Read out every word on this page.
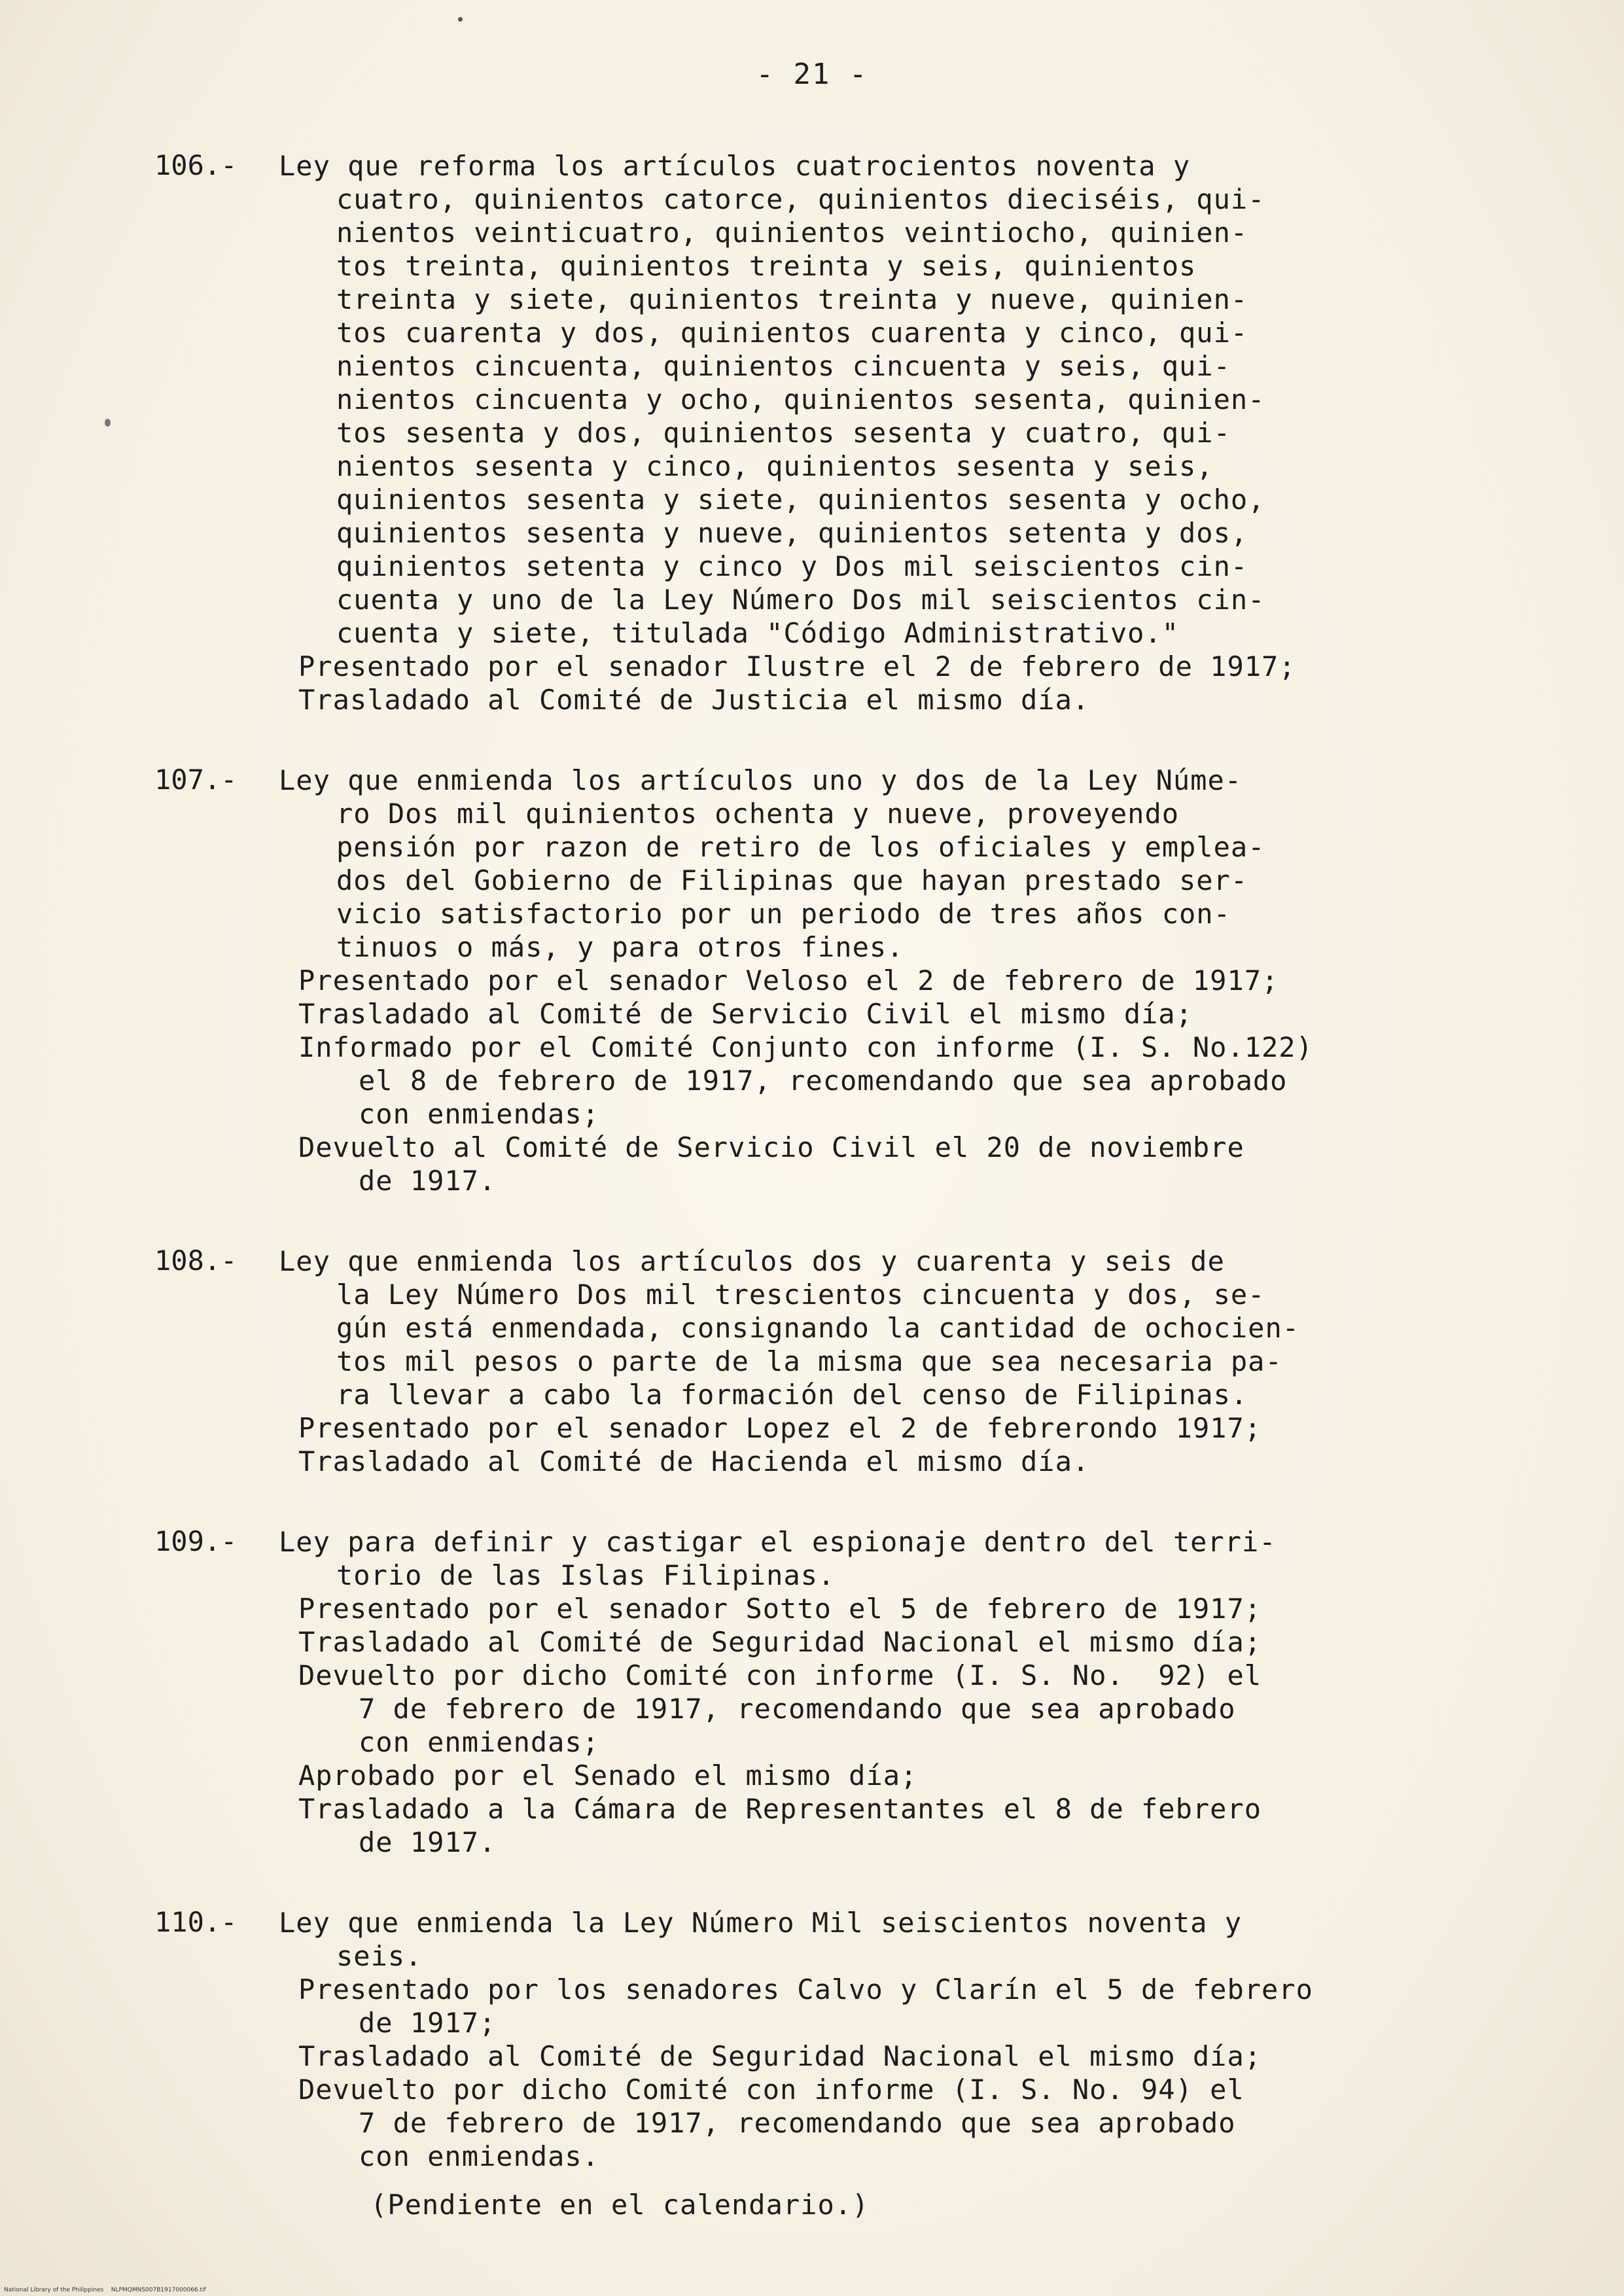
- 21 -
106.- Ley que reforma los artículos cuatrocientos noventa y
cuatro, quinientos catorce, quinientos dieciséis, qui-
nientos veinticuatro, quinientos veintiocho, quinien-
tos treinta, quinientos treinta y seis, quinientos
treinta y siete, quinientos treinta y nueve, quinien-
tos cuarenta y dos, quinientos cuarenta y cinco, qui-
nientos cincuenta, quinientos cincuenta y seis, qui-
nientos cincuenta y ocho, quinientos sesenta, quinien-
tos sesenta y dos, quinientos sesenta y cuatro, qui-
nientos sesenta y cinco, quinientos sesenta y seis,
quinientos sesenta y siete, quinientos sesenta y ocho,
quinientos sesenta y nueve, quinientos setenta y dos,
quinientos setenta y cinco y Dos mil seiscientos cin-
cuenta y uno de la Ley Número Dos mil seiscientos cin-
cuenta y siete, titulada "Código Administrativo."
Presentado por el senador Ilustre el 2 de febrero de 1917;
Trasladado al Comité de Justicia el mismo día.
107.- Ley que enmienda los artículos uno y dos de la Ley Núme-
ro Dos mil quinientos ochenta y nueve, proveyendo
pensión por razon de retiro de los oficiales y emplea-
dos del Gobierno de Filipinas que hayan prestado ser-
vicio satisfactorio por un periodo de tres años con-
tinuos o más, y para otros fines.
Presentado por el senador Veloso el 2 de febrero de 1917;
Trasladado al Comité de Servicio Civil el mismo día;
Informado por el Comité Conjunto con informe (I. S. No.122)
el 8 de febrero de 1917, recomendando que sea aprobado
con enmiendas;
Devuelto al Comité de Servicio Civil el 20 de noviembre
de 1917.
108.- Ley que enmienda los artículos dos y cuarenta y seis de
la Ley Número Dos mil trescientos cincuenta y dos, se-
gún está enmendada, consignando la cantidad de ochocien-
tos mil pesos o parte de la misma que sea necesaria pa-
ra llevar a cabo la formación del censo de Filipinas.
Presentado por el senador Lopez el 2 de febrerondo 1917;
Trasladado al Comité de Hacienda el mismo día.
109.- Ley para definir y castigar el espionaje dentro del terri-
torio de las Islas Filipinas.
Presentado por el senador Sotto el 5 de febrero de 1917;
Trasladado al Comité de Seguridad Nacional el mismo día;
Devuelto por dicho Comité con informe (I. S. No.  92) el
7 de febrero de 1917, recomendando que sea aprobado
con enmiendas;
Aprobado por el Senado el mismo día;
Trasladado a la Cámara de Representantes el 8 de febrero
de 1917.
110.- Ley que enmienda la Ley Número Mil seiscientos noventa y
seis.
Presentado por los senadores Calvo y Clarín el 5 de febrero
de 1917;
Trasladado al Comité de Seguridad Nacional el mismo día;
Devuelto por dicho Comité con informe (I. S. No. 94) el
7 de febrero de 1917, recomendando que sea aprobado
con enmiendas.
(Pendiente en el calendario.)
National Library of the Philippines    NLPMQMNS007B1917000066.tif
